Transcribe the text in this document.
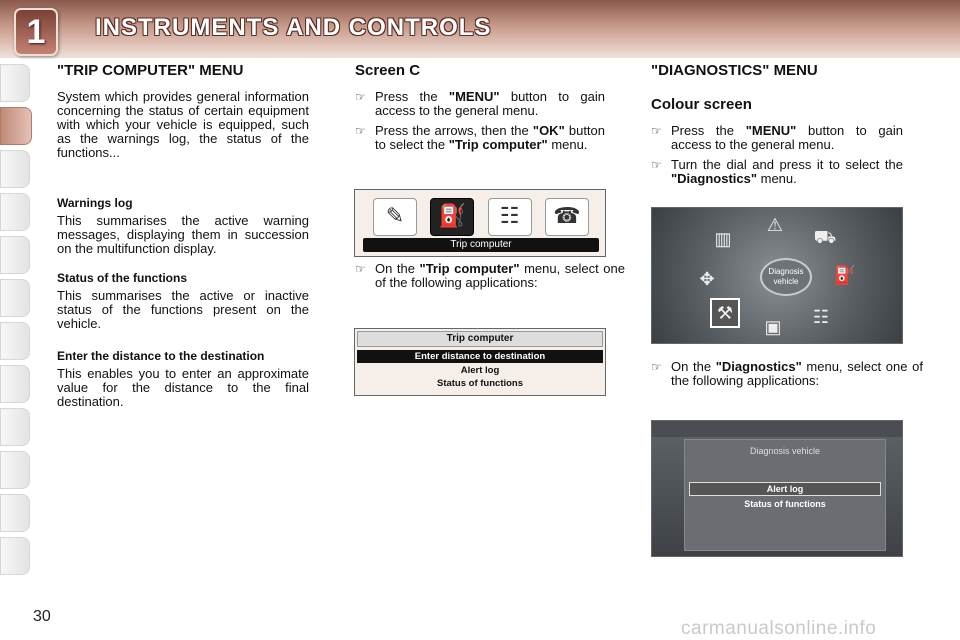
1	INSTRUMENTS AND CONTROLS
"TRIP COMPUTER" MENU

System which provides general information concerning the status of certain equipment with which your vehicle is equipped, such as the warnings log, the status of the functions...

Warnings log

This summarises the active warning messages, displaying them in succession on the multifunction display.

Status of the functions

This summarises the active or inactive status of the functions present on the vehicle.

Enter the distance to the destination

This enables you to enter an approximate value for the distance to the final destination.

Screen C
☞ Press the "MENU" button to gain access to the general menu.
☞ Press the arrows, then the "OK" button to select the "Trip computer" menu.
☞ On the "Trip computer" menu, select one of the following applications:
✎	⛽	☷	☎
Trip computer
Trip computer
Enter distance to destination
Alert log
Status of functions
"DIAGNOSTICS" MENU
Colour screen
☞ Press the "MENU" button to gain access to the general menu.
☞ Turn the dial and press it to select the "Diagnostics" menu.
☞ On the "Diagnostics" menu, select one of the following applications:
▥
⚠
⛟
⛽
☷
▣
⚒
✥	Diagnosis vehicle
Diagnosis vehicle
Alert log
Status of functions
30
carmanualsonline.info
